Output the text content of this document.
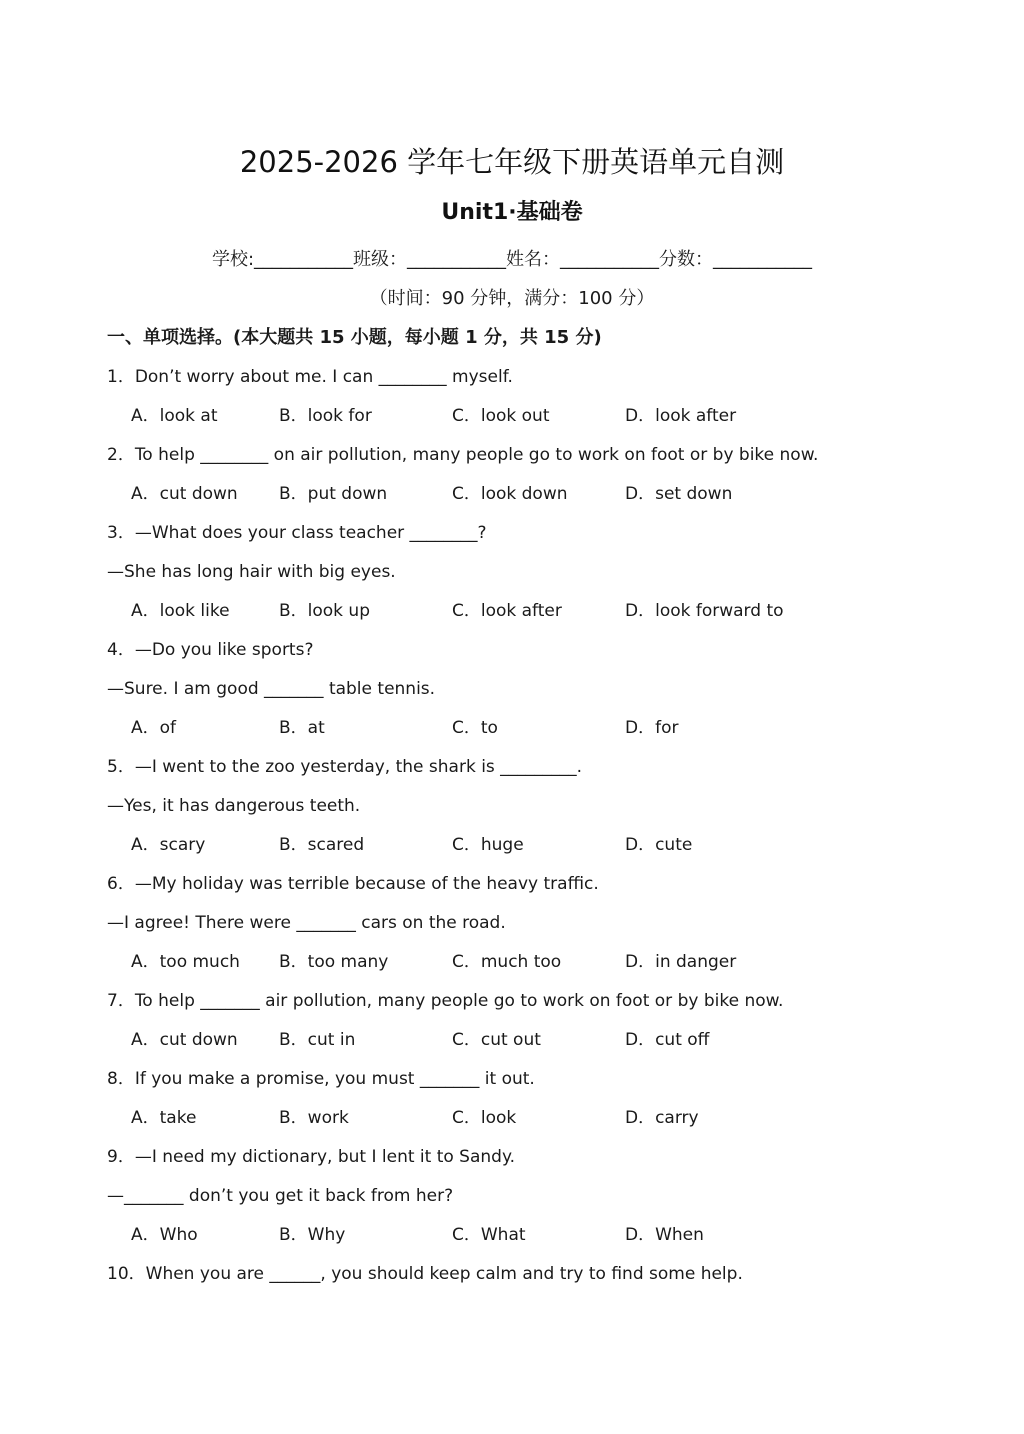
2025-2026 学年七年级下册英语单元自测
Unit1·基础卷
学校:___________班级：___________姓名：___________分数：___________
（时间：90 分钟，满分：100 分）
一、单项选择。(本大题共 15 小题，每小题 1 分，共 15 分)
1．Don’t worry about me. I can ________ myself.
A．look at	B．look for	C．look out	D．look after
2．To help ________ on air pollution, many people go to work on foot or by bike now.
A．cut down B．put down	C．look down	D．set down
3．—What does your class teacher ________?
—She has long hair with big eyes.
A．look like	B．look up	C．look after	D．look forward to
4．—Do you like sports?
—Sure. I am good _______ table tennis.
A．of	B．at	C．to	D．for
5．—I went to the zoo yesterday, the shark is _________.
—Yes, it has dangerous teeth.
A．scary	B．scared	C．huge	D．cute
6．—My holiday was terrible because of the heavy traffic.
—I agree! There were _______ cars on the road.
A．too much B．too many	C．much too	D．in danger
7．To help _______ air pollution, many people go to work on foot or by bike now.
A．cut down B．cut in	C．cut out	D．cut off
8．If you make a promise, you must _______ it out.
A．take	B．work	C．look	D．carry
9．—I need my dictionary, but I lent it to Sandy.
—_______ don’t you get it back from her?
A．Who	B．Why	C．What	D．When
10．When you are ______, you should keep calm and try to find some help.
